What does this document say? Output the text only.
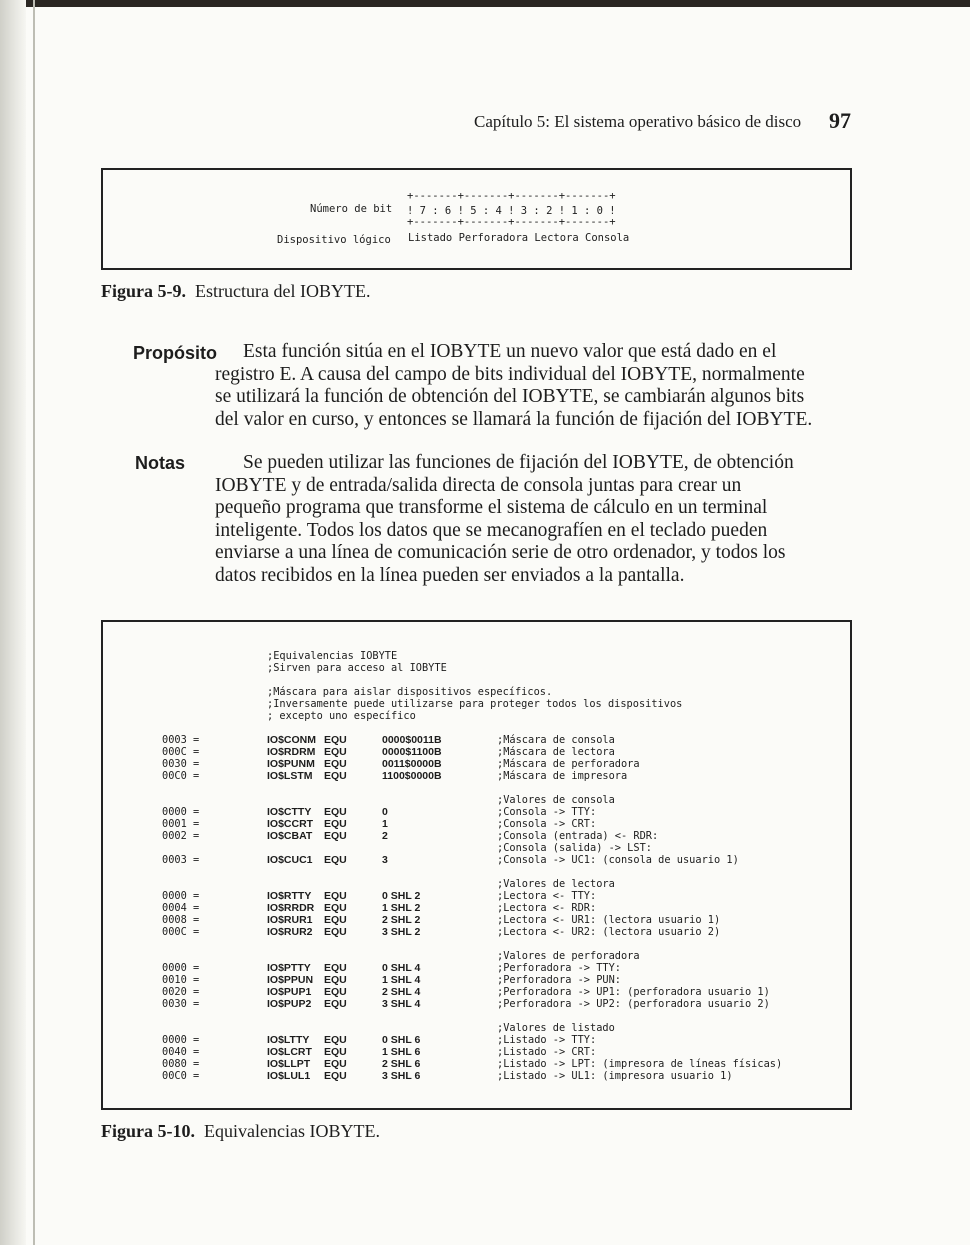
Capítulo 5: El sistema operativo básico de disco 97
Número de bit
+-------+-------+-------+-------+
! 7 : 6 ! 5 : 4 ! 3 : 2 ! 1 : 0 !
+-------+-------+-------+-------+
Dispositivo lógico Listado Perforadora Lectora Consola
Figura 5-9. Estructura del IOBYTE.
Propósito	Esta función sitúa en el IOBYTE un nuevo valor que está dado en el
registro E. A causa del campo de bits individual del IOBYTE, normalmente
se utilizará la función de obtención del IOBYTE, se cambiarán algunos bits
del valor en curso, y entonces se llamará la función de fijación del IOBYTE.
Notas	Se pueden utilizar las funciones de fijación del IOBYTE, de obtención
IOBYTE y de entrada/salida directa de consola juntas para crear un
pequeño programa que transforme el sistema de cálculo en un terminal
inteligente. Todos los datos que se mecanografíen en el teclado pueden
enviarse a una línea de comunicación serie de otro ordenador, y todos los
datos recibidos en la línea pueden ser enviados a la pantalla.
;Equivalencias IOBYTE
;Sirven para acceso al IOBYTE
;Máscara para aislar dispositivos específicos.
;Inversamente puede utilizarse para proteger todos los dispositivos
; excepto uno específico
0003 =	IO$CONM EQU	0000$0011B	;Máscara de consola
000C =	IO$RDRM EQU	0000$1100B	;Máscara de lectora
0030 =	IO$PUNM EQU	0011$0000B	;Máscara de perforadora
00C0 =	IO$LSTM EQU	1100$0000B	;Máscara de impresora
;Valores de consola
0000 =	IO$CTTY EQU	0	;Consola -> TTY:
0001 =	IO$CCRT EQU	1	;Consola -> CRT:
0002 =	IO$CBAT EQU	2	;Consola (entrada) <- RDR:
;Consola (salida) -> LST:
0003 =	IO$CUC1 EQU	3	;Consola -> UC1: (consola de usuario 1)
;Valores de lectora
0000 =	IO$RTTY EQU	0 SHL 2	;Lectora <- TTY:
0004 =	IO$RRDR EQU	1 SHL 2	;Lectora <- RDR:
0008 =	IO$RUR1 EQU	2 SHL 2	;Lectora <- UR1: (lectora usuario 1)
000C =	IO$RUR2 EQU	3 SHL 2	;Lectora <- UR2: (lectora usuario 2)
;Valores de perforadora
0000 =	IO$PTTY EQU	0 SHL 4	;Perforadora -> TTY:
0010 =	IO$PPUN EQU	1 SHL 4	;Perforadora -> PUN:
0020 =	IO$PUP1 EQU	2 SHL 4	;Perforadora -> UP1: (perforadora usuario 1)
0030 =	IO$PUP2 EQU	3 SHL 4	;Perforadora -> UP2: (perforadora usuario 2)
;Valores de listado
0000 =	IO$LTTY EQU	0 SHL 6	;Listado -> TTY:
0040 =	IO$LCRT EQU	1 SHL 6	;Listado -> CRT:
0080 =	IO$LLPT EQU	2 SHL 6	;Listado -> LPT: (impresora de líneas físicas)
00C0 =	IO$LUL1 EQU	3 SHL 6	;Listado -> UL1: (impresora usuario 1)
Figura 5-10. Equivalencias IOBYTE.
